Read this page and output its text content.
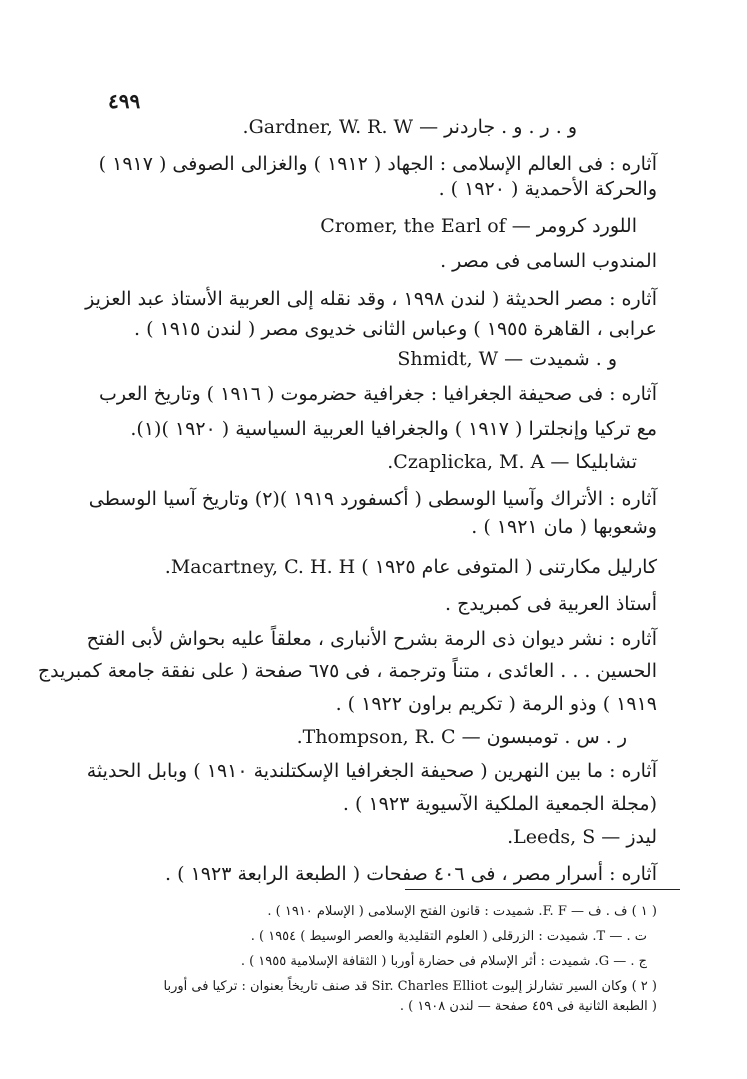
٤٩٩
و . ر . و . جاردنر — Gardner, W. R. W.
آثاره : فى العالم الإسلامى : الجهاد ( ١٩١٢ ) والغزالى الصوفى ( ١٩١٧ )
والحركة الأحمدية ( ١٩٢٠ ) .
اللورد كرومر — Cromer, the Earl of
المندوب السامى فى مصر .
آثاره : مصر الحديثة ( لندن ١٩٩٨ ، وقد نقله إلى العربية الأستاذ عبد العزيز
عرابى ، القاهرة ١٩٥٥ ) وعباس الثانى خديوى مصر ( لندن ١٩١٥ ) .
و . شميدت — Shmidt, W
آثاره : فى صحيفة الجغرافيا : جغرافية حضرموت ( ١٩١٦ ) وتاريخ العرب
مع تركيا وإنجلترا ( ١٩١٧ ) والجغرافيا العربية السياسية ( ١٩٢٠ )(١).
تشابليكا — Czaplicka, M. A.
آثاره : الأتراك وآسيا الوسطى ( أكسفورد ١٩١٩ )(٢) وتاريخ آسيا الوسطى
وشعوبها ( مان ١٩٢١ ) .
كارليل مكارتنى ( المتوفى عام ١٩٢٥ ) Macartney, C. H. H.
أستاذ العربية فى كمبريدج .
آثاره : نشر ديوان ذى الرمة بشرح الأنبارى ، معلقاً عليه بحواش لأبى الفتح
الحسين . . . العائدى ، متناً وترجمة ، فى ٦٧٥ صفحة ( على نفقة جامعة كمبريدج
١٩١٩ ) وذو الرمة ( تكريم براون ١٩٢٢ ) .
ر . س . تومبسون — Thompson, R. C.
آثاره : ما بين النهرين ( صحيفة الجغرافيا الإسكتلندية ١٩١٠ ) وبابل الحديثة
(مجلة الجمعية الملكية الآسيوية ١٩٢٣ ) .
ليدز — Leeds, S.
آثاره : أسرار مصر ، فى ٤٠٦ صفحات ( الطبعة الرابعة ١٩٢٣ ) .
( ١ ) ف . ف — F. F. شميدت : قانون الفتح الإسلامى ( الإسلام ١٩١٠ ) .
ت . — T. شميدت : الزرقلى ( العلوم التقليدية والعصر الوسيط ) ١٩٥٤ ) .
ج . — G. شميدت : أثر الإسلام فى حضارة أوربا ( الثقافة الإسلامية ١٩٥٥ ) .
( ٢ ) وكان السير تشارلز إليوت Sir. Charles Elliot قد صنف تاريخاً بعنوان : تركيا فى أوربا
( الطبعة الثانية فى ٤٥٩ صفحة — لندن ١٩٠٨ ) .
